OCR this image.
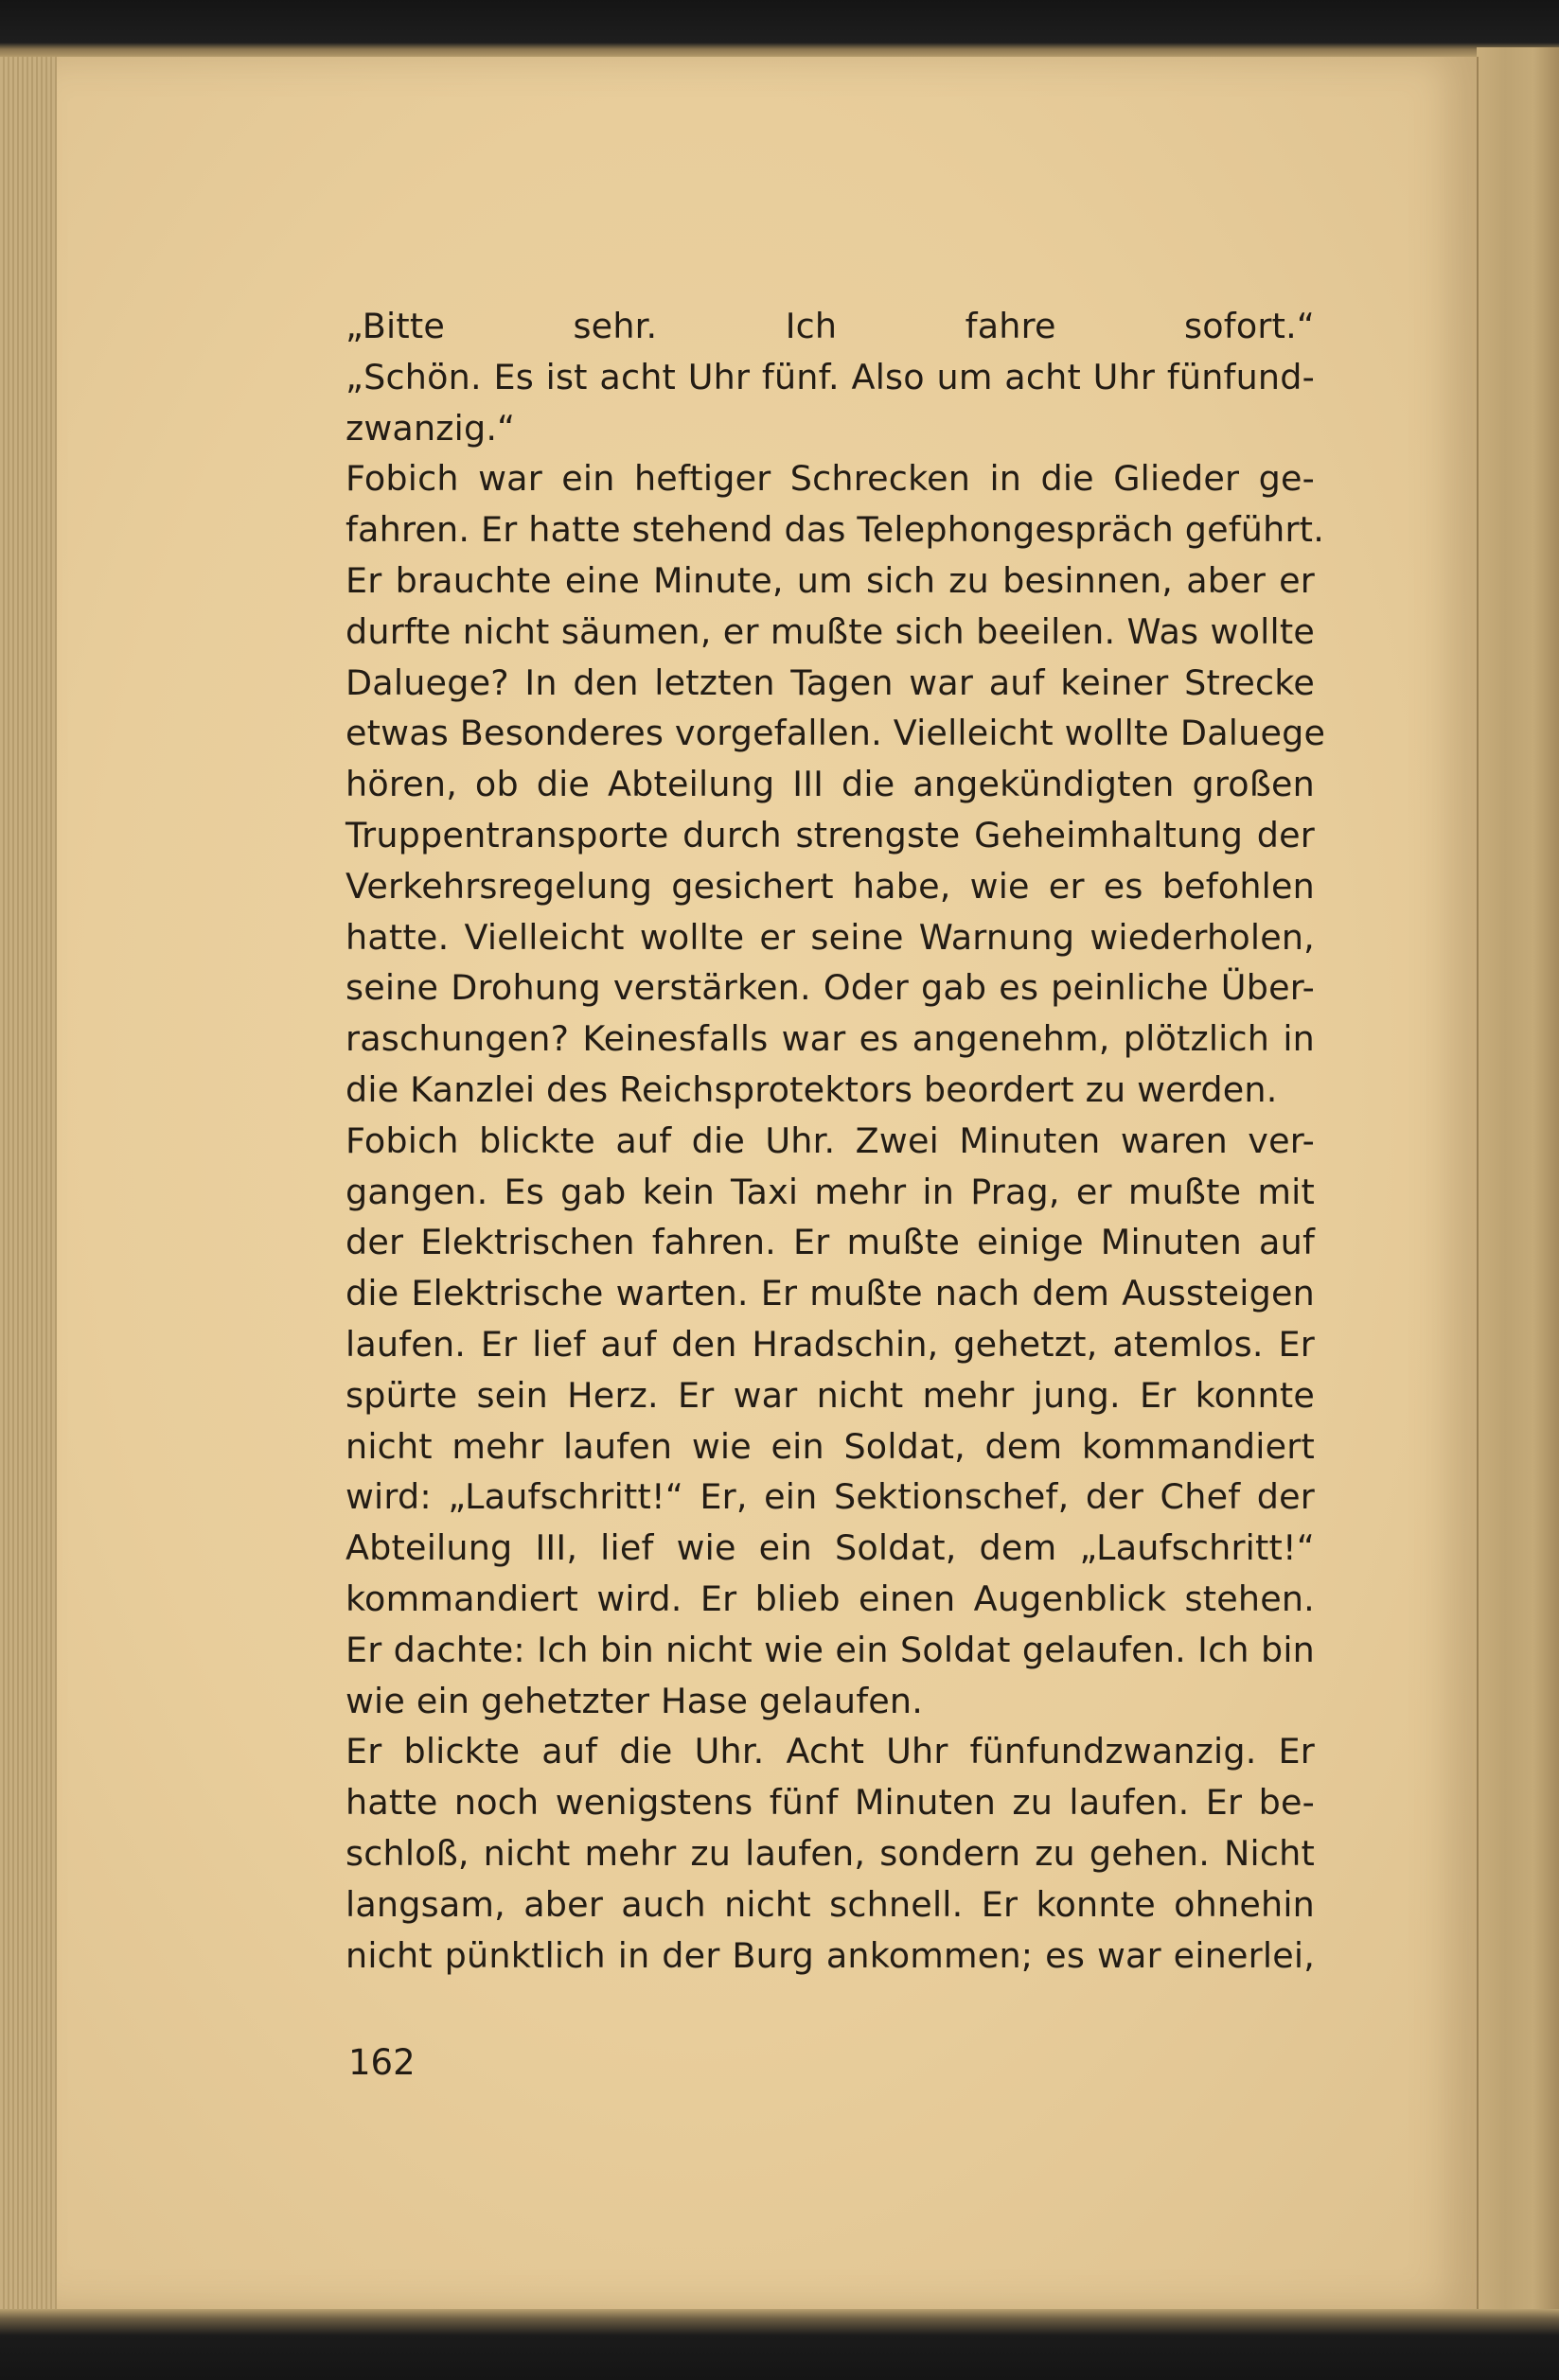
„Bitte sehr. Ich fahre sofort.“
„Schön. Es ist acht Uhr fünf. Also um acht Uhr fünfund-
zwanzig.“
Fobich war ein heftiger Schrecken in die Glieder ge-
fahren. Er hatte stehend das Telephongespräch geführt.
Er brauchte eine Minute, um sich zu besinnen, aber er
durfte nicht säumen, er mußte sich beeilen. Was wollte
Daluege? In den letzten Tagen war auf keiner Strecke
etwas Besonderes vorgefallen. Vielleicht wollte Daluege
hören, ob die Abteilung III die angekündigten großen
Truppentransporte durch strengste Geheimhaltung der
Verkehrsregelung gesichert habe, wie er es befohlen
hatte. Vielleicht wollte er seine Warnung wiederholen,
seine Drohung verstärken. Oder gab es peinliche Über-
raschungen? Keinesfalls war es angenehm, plötzlich in
die Kanzlei des Reichsprotektors beordert zu werden.
Fobich blickte auf die Uhr. Zwei Minuten waren ver-
gangen. Es gab kein Taxi mehr in Prag, er mußte mit
der Elektrischen fahren. Er mußte einige Minuten auf
die Elektrische warten. Er mußte nach dem Aussteigen
laufen. Er lief auf den Hradschin, gehetzt, atemlos. Er
spürte sein Herz. Er war nicht mehr jung. Er konnte
nicht mehr laufen wie ein Soldat, dem kommandiert
wird: „Laufschritt!“ Er, ein Sektionschef, der Chef der
Abteilung III, lief wie ein Soldat, dem „Laufschritt!“
kommandiert wird. Er blieb einen Augenblick stehen.
Er dachte: Ich bin nicht wie ein Soldat gelaufen. Ich bin
wie ein gehetzter Hase gelaufen.
Er blickte auf die Uhr. Acht Uhr fünfundzwanzig. Er
hatte noch wenigstens fünf Minuten zu laufen. Er be-
schloß, nicht mehr zu laufen, sondern zu gehen. Nicht
langsam, aber auch nicht schnell. Er konnte ohnehin
nicht pünktlich in der Burg ankommen; es war einerlei,
162
